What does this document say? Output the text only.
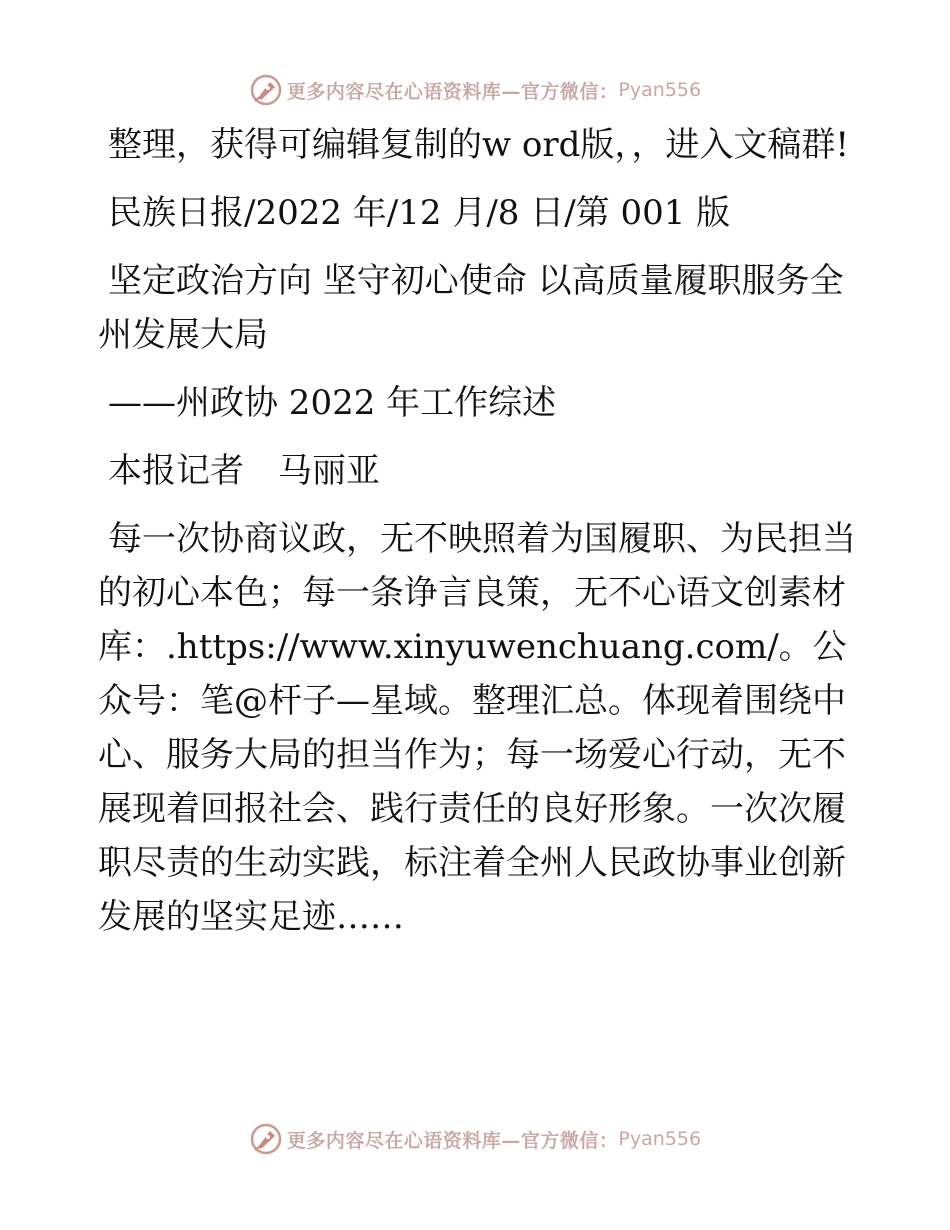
更多内容尽在心语资料库—官方微信： Pyan556

整理，获得可编辑复制的w ord版，，进入文稿群!

民族日报/2022 年/12 月/8 日/第 001 版

坚定政治方向 坚守初心使命 以高质量履职服务全州发展大局

——州政协 2022 年工作综述

本报记者　马丽亚

每一次协商议政，无不映照着为国履职、为民担当的初心本色；每一条诤言良策，无不心语文创素材库：.https://www.xinyuwenchuang.com/。公众号：笔@杆子—星域。整理汇总。体现着围绕中心、服务大局的担当作为；每一场爱心行动，无不展现着回报社会、践行责任的良好形象。一次次履职尽责的生动实践，标注着全州人民政协事业创新发展的坚实足迹……

更多内容尽在心语资料库—官方微信： Pyan556
